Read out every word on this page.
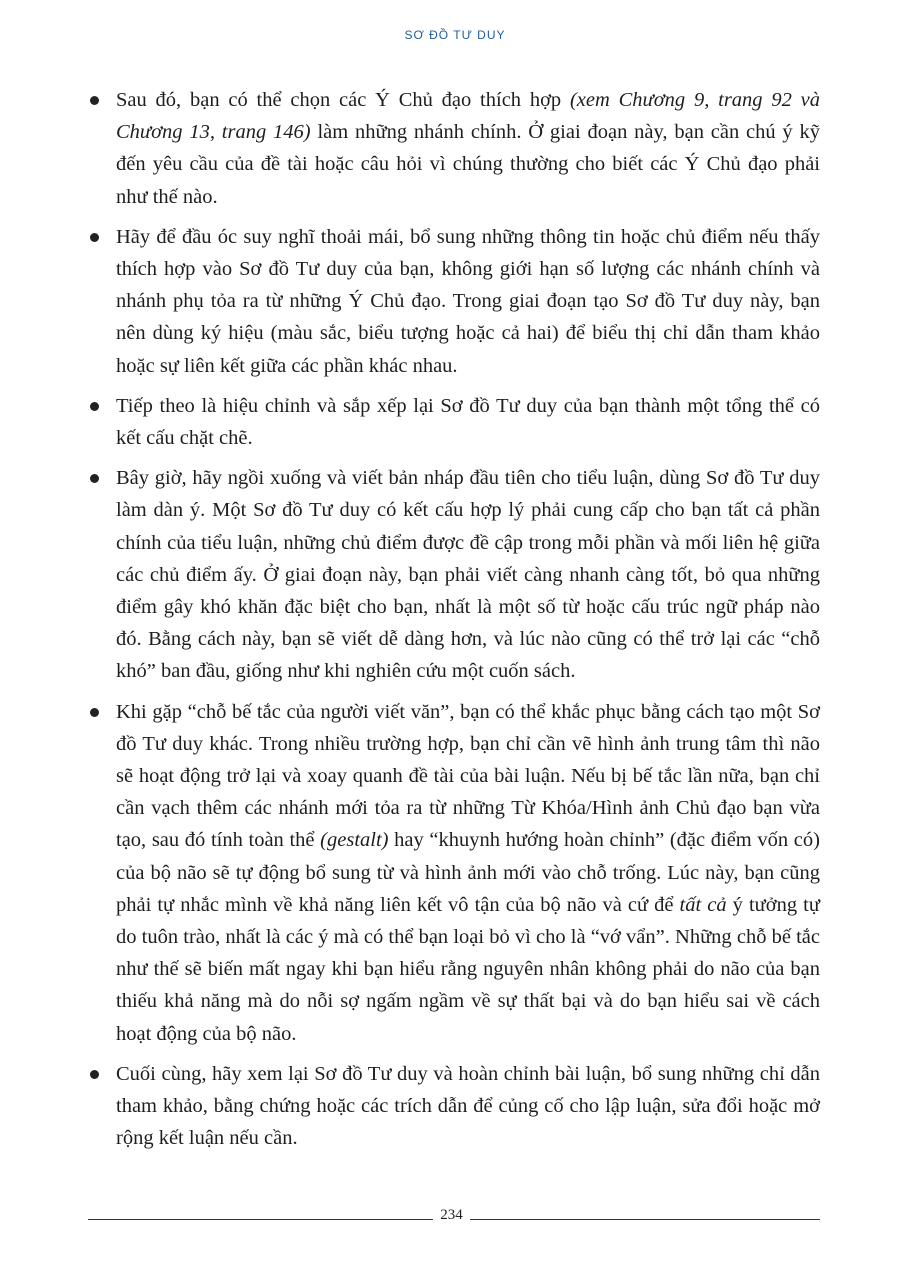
SƠ ĐỒ TƯ DUY
Sau đó, bạn có thể chọn các Ý Chủ đạo thích hợp (xem Chương 9, trang 92 và Chương 13, trang 146) làm những nhánh chính. Ở giai đoạn này, bạn cần chú ý kỹ đến yêu cầu của đề tài hoặc câu hỏi vì chúng thường cho biết các Ý Chủ đạo phải như thế nào.
Hãy để đầu óc suy nghĩ thoải mái, bổ sung những thông tin hoặc chủ điểm nếu thấy thích hợp vào Sơ đồ Tư duy của bạn, không giới hạn số lượng các nhánh chính và nhánh phụ tỏa ra từ những Ý Chủ đạo. Trong giai đoạn tạo Sơ đồ Tư duy này, bạn nên dùng ký hiệu (màu sắc, biểu tượng hoặc cả hai) để biểu thị chỉ dẫn tham khảo hoặc sự liên kết giữa các phần khác nhau.
Tiếp theo là hiệu chỉnh và sắp xếp lại Sơ đồ Tư duy của bạn thành một tổng thể có kết cấu chặt chẽ.
Bây giờ, hãy ngồi xuống và viết bản nháp đầu tiên cho tiểu luận, dùng Sơ đồ Tư duy làm dàn ý. Một Sơ đồ Tư duy có kết cấu hợp lý phải cung cấp cho bạn tất cả phần chính của tiểu luận, những chủ điểm được đề cập trong mỗi phần và mối liên hệ giữa các chủ điểm ấy. Ở giai đoạn này, bạn phải viết càng nhanh càng tốt, bỏ qua những điểm gây khó khăn đặc biệt cho bạn, nhất là một số từ hoặc cấu trúc ngữ pháp nào đó. Bằng cách này, bạn sẽ viết dễ dàng hơn, và lúc nào cũng có thể trở lại các “chỗ khó” ban đầu, giống như khi nghiên cứu một cuốn sách.
Khi gặp “chỗ bế tắc của người viết văn”, bạn có thể khắc phục bằng cách tạo một Sơ đồ Tư duy khác. Trong nhiều trường hợp, bạn chỉ cần vẽ hình ảnh trung tâm thì não sẽ hoạt động trở lại và xoay quanh đề tài của bài luận. Nếu bị bế tắc lần nữa, bạn chỉ cần vạch thêm các nhánh mới tỏa ra từ những Từ Khóa/Hình ảnh Chủ đạo bạn vừa tạo, sau đó tính toàn thể (gestalt) hay “khuynh hướng hoàn chỉnh” (đặc điểm vốn có) của bộ não sẽ tự động bổ sung từ và hình ảnh mới vào chỗ trống. Lúc này, bạn cũng phải tự nhắc mình về khả năng liên kết vô tận của bộ não và cứ để tất cả ý tưởng tự do tuôn trào, nhất là các ý mà có thể bạn loại bỏ vì cho là “vớ vẩn”. Những chỗ bế tắc như thế sẽ biến mất ngay khi bạn hiểu rằng nguyên nhân không phải do não của bạn thiếu khả năng mà do nỗi sợ ngấm ngầm về sự thất bại và do bạn hiểu sai về cách hoạt động của bộ não.
Cuối cùng, hãy xem lại Sơ đồ Tư duy và hoàn chỉnh bài luận, bổ sung những chỉ dẫn tham khảo, bằng chứng hoặc các trích dẫn để củng cố cho lập luận, sửa đổi hoặc mở rộng kết luận nếu cần.
234
